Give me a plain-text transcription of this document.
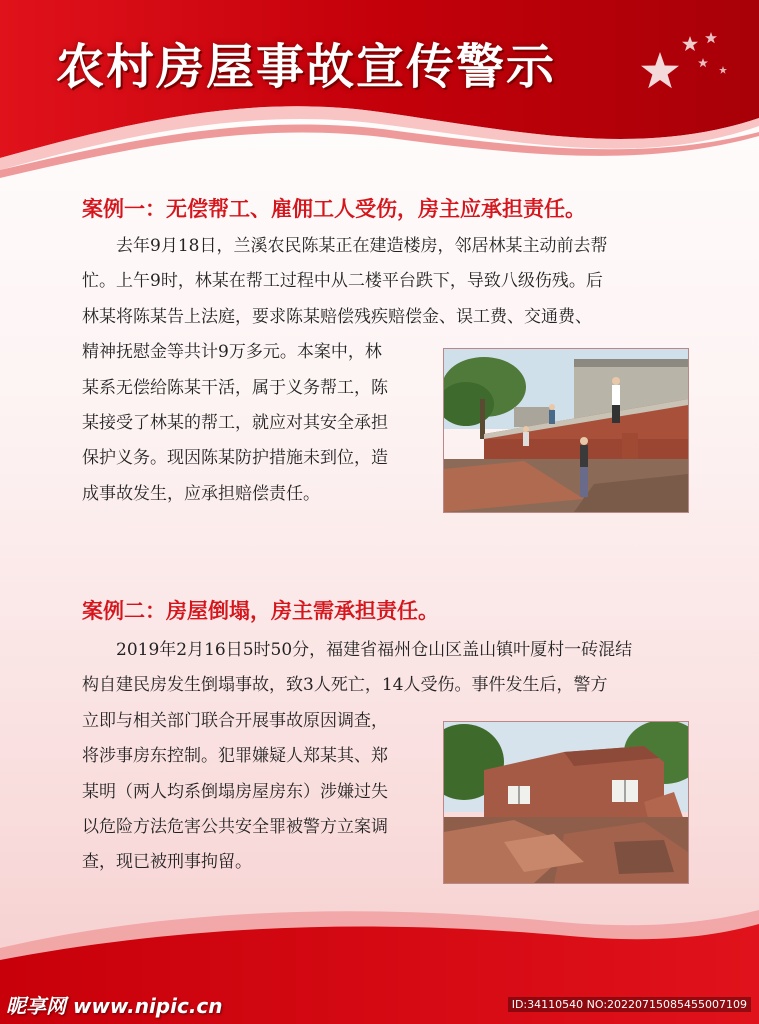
农村房屋事故宣传警示
案例一：无偿帮工、雇佣工人受伤，房主应承担责任。

　　去年9月18日，兰溪农民陈某正在建造楼房，邻居林某主动前去帮
忙。上午9时，林某在帮工过程中从二楼平台跌下，导致八级伤残。后
林某将陈某告上法庭，要求陈某赔偿残疾赔偿金、误工费、交通费、
精神抚慰金等共计9万多元。本案中，林
某系无偿给陈某干活，属于义务帮工，陈
某接受了林某的帮工，就应对其安全承担
保护义务。现因陈某防护措施未到位，造
成事故发生，应承担赔偿责任。

案例二：房屋倒塌，房主需承担责任。

　　2019年2月16日5时50分，福建省福州仓山区盖山镇叶厦村一砖混结
构自建民房发生倒塌事故，致3人死亡，14人受伤。事件发生后，警方
立即与相关部门联合开展事故原因调查，
将涉事房东控制。犯罪嫌疑人郑某其、郑
某明（两人均系倒塌房屋房东）涉嫌过失
以危险方法危害公共安全罪被警方立案调
查，现已被刑事拘留。

昵享网 www.nipic.cn	ID:34110540 NO:20220715085455007109
